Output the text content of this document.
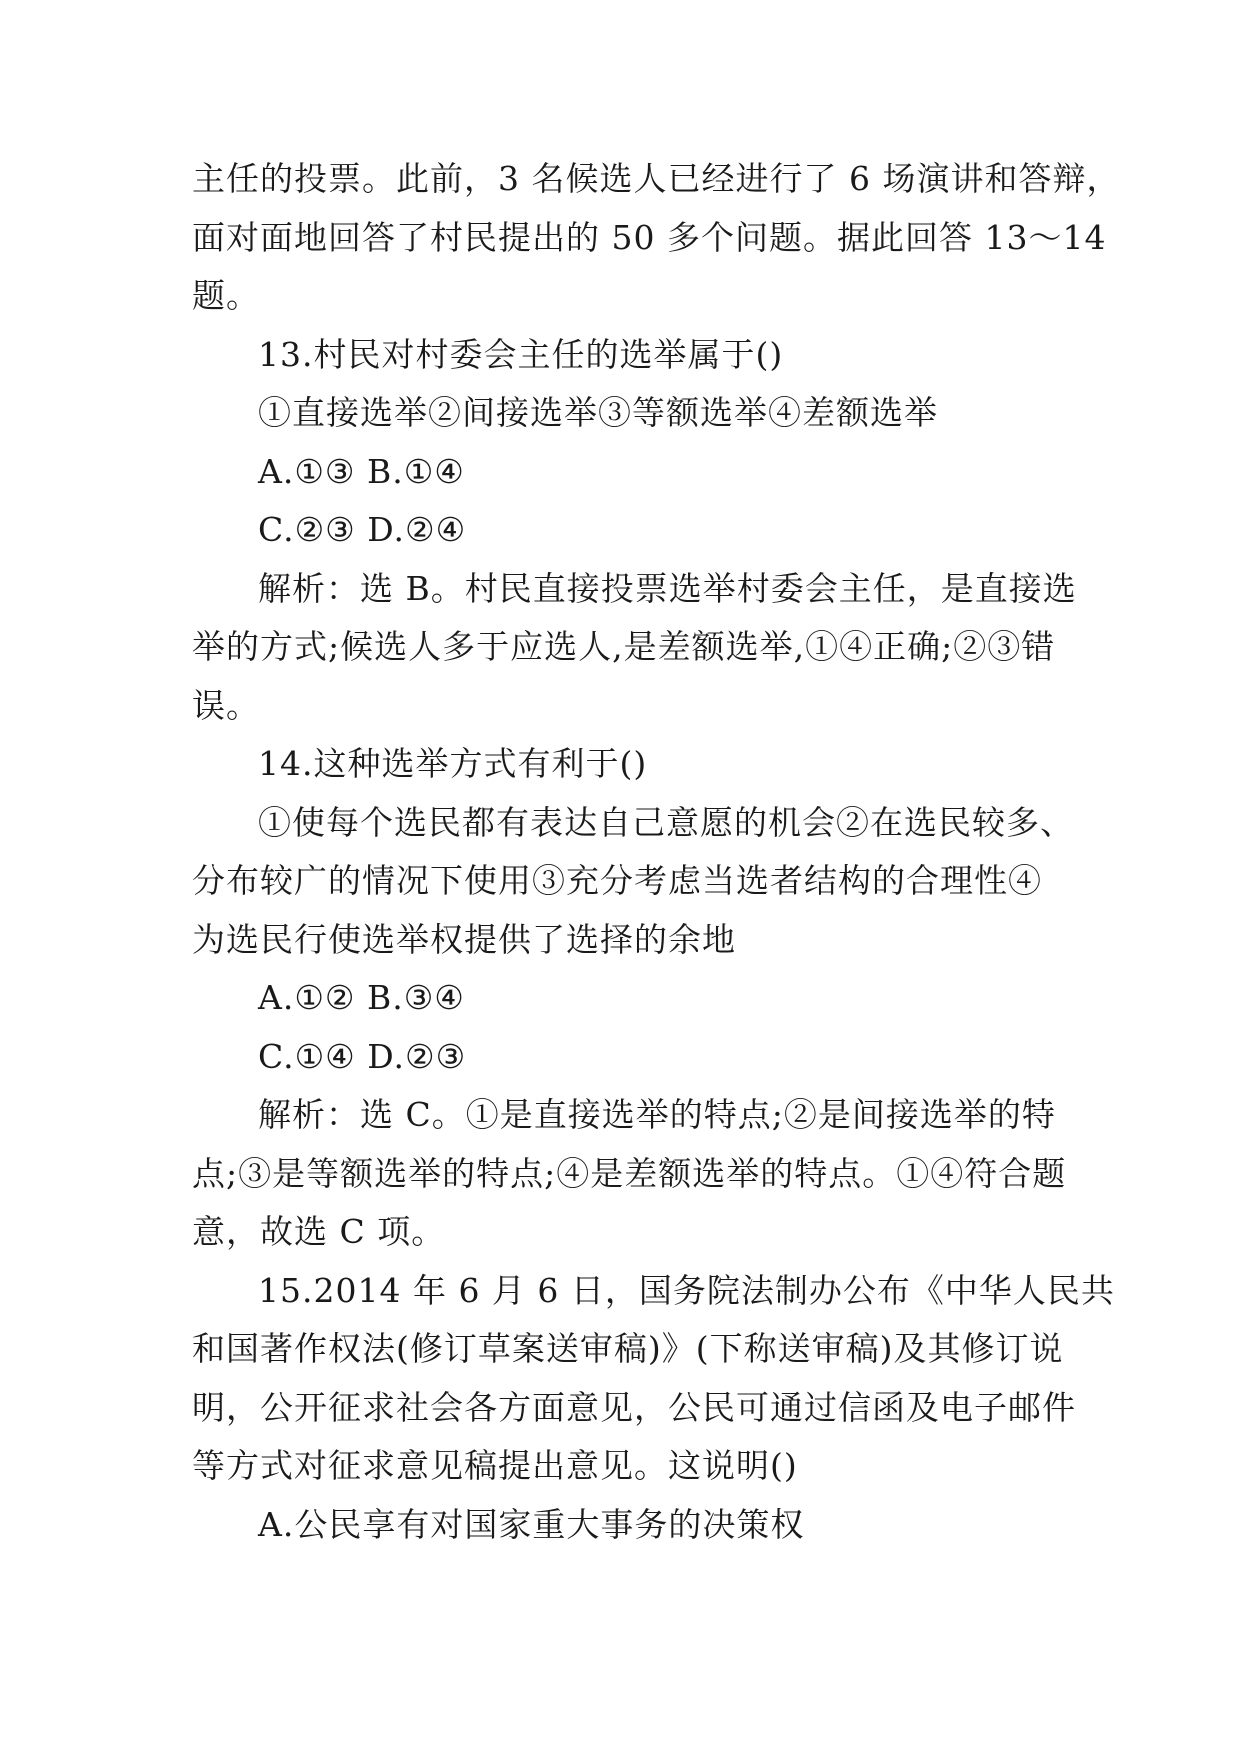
主任的投票。此前，3 名候选人已经进行了 6 场演讲和答辩，
面对面地回答了村民提出的 50 多个问题。据此回答 13～14
题。
13.村民对村委会主任的选举属于()
①直接选举②间接选举③等额选举④差额选举
A.①③ B.①④
C.②③ D.②④
解析：选 B。村民直接投票选举村委会主任，是直接选
举的方式;候选人多于应选人,是差额选举,①④正确;②③错
误。
14.这种选举方式有利于()
①使每个选民都有表达自己意愿的机会②在选民较多、
分布较广的情况下使用③充分考虑当选者结构的合理性④
为选民行使选举权提供了选择的余地
A.①② B.③④
C.①④ D.②③
解析：选 C。①是直接选举的特点;②是间接选举的特
点;③是等额选举的特点;④是差额选举的特点。①④符合题
意，故选 C 项。
15.2014 年 6 月 6 日，国务院法制办公布《中华人民共
和国著作权法(修订草案送审稿)》(下称送审稿)及其修订说
明，公开征求社会各方面意见，公民可通过信函及电子邮件
等方式对征求意见稿提出意见。这说明()
A.公民享有对国家重大事务的决策权
